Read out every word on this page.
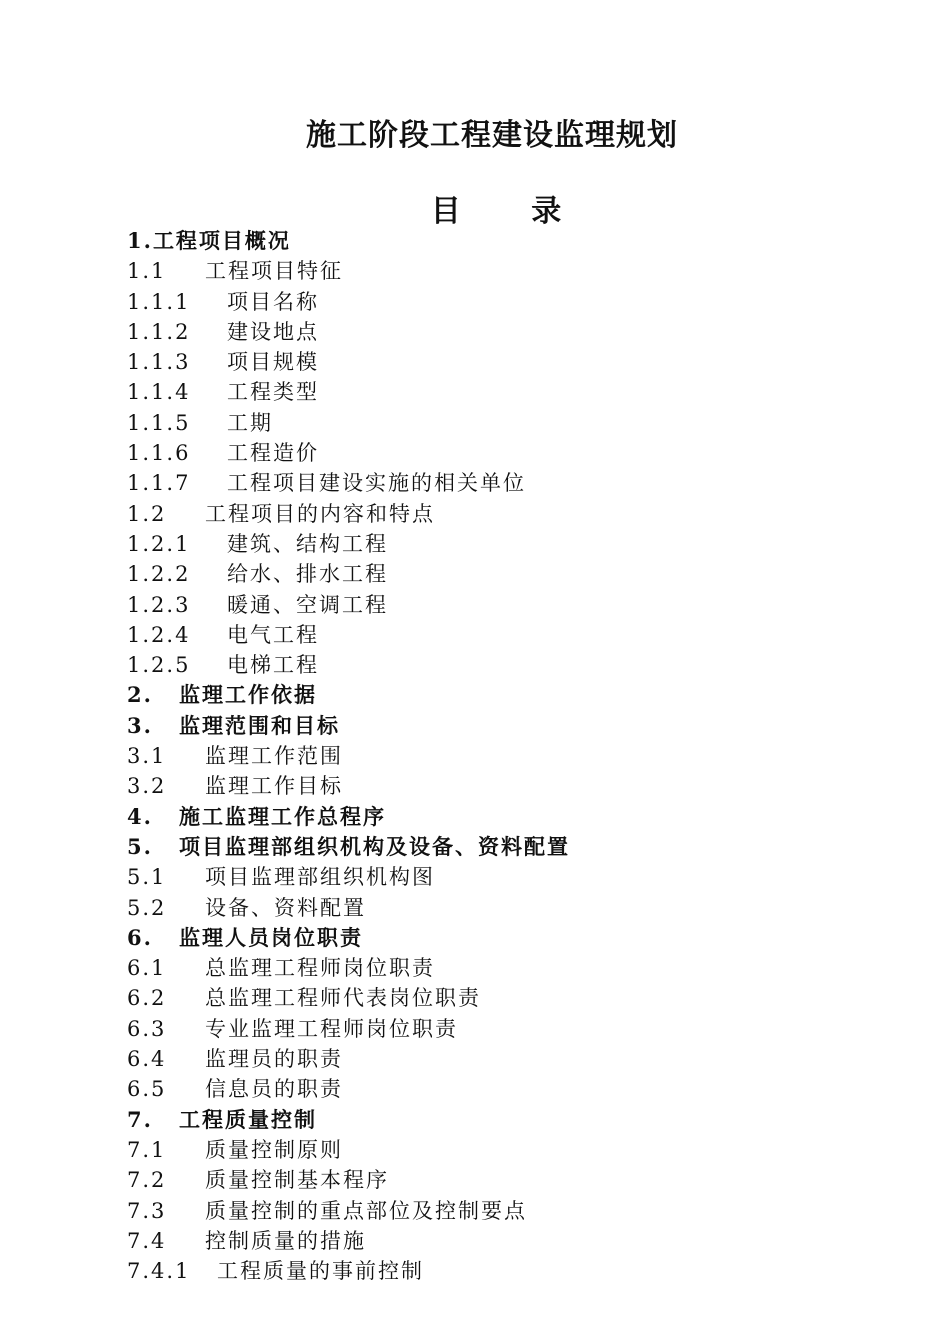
施工阶段工程建设监理规划
目 录
1.工程项目概况
1.1 工程项目特征
1.1.1 项目名称
1.1.2 建设地点
1.1.3 项目规模
1.1.4 工程类型
1.1.5 工期
1.1.6 工程造价
1.1.7 工程项目建设实施的相关单位
1.2 工程项目的内容和特点
1.2.1 建筑、结构工程
1.2.2 给水、排水工程
1.2.3 暖通、空调工程
1.2.4 电气工程
1.2.5 电梯工程
2. 监理工作依据
3. 监理范围和目标
3.1 监理工作范围
3.2 监理工作目标
4. 施工监理工作总程序
5. 项目监理部组织机构及设备、资料配置
5.1 项目监理部组织机构图
5.2 设备、资料配置
6. 监理人员岗位职责
6.1 总监理工程师岗位职责
6.2 总监理工程师代表岗位职责
6.3 专业监理工程师岗位职责
6.4 监理员的职责
6.5 信息员的职责
7. 工程质量控制
7.1 质量控制原则
7.2 质量控制基本程序
7.3 质量控制的重点部位及控制要点
7.4 控制质量的措施
7.4.1 工程质量的事前控制
